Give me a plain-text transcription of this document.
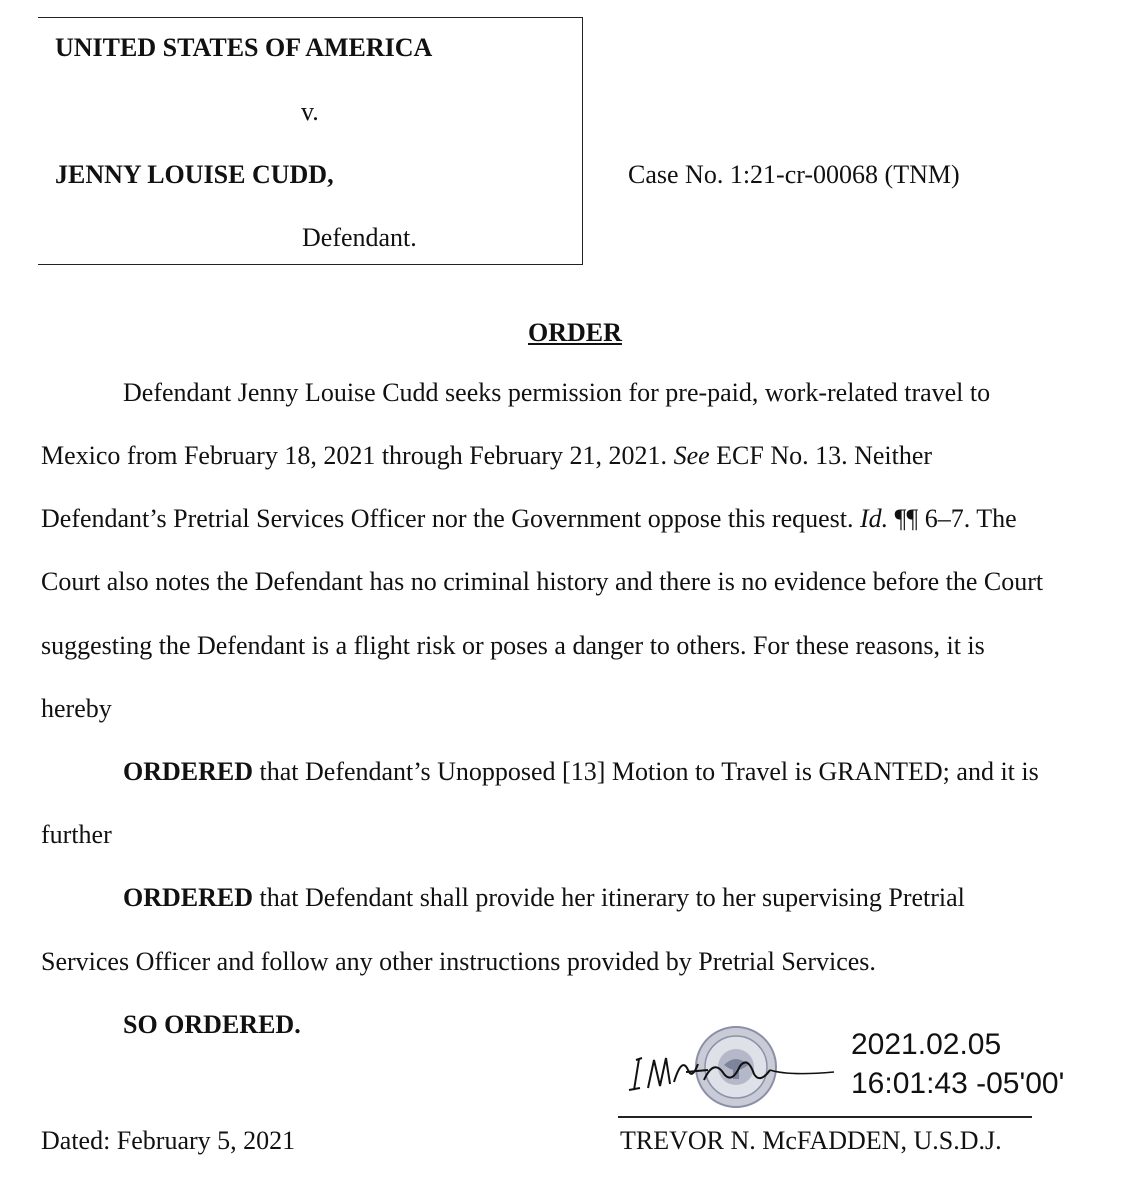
UNITED STATES OF AMERICA
v.
JENNY LOUISE CUDD,
Defendant.
Case No. 1:21-cr-00068 (TNM)
ORDER
Defendant Jenny Louise Cudd seeks permission for pre-paid, work-related travel to
Mexico from February 18, 2021 through February 21, 2021. See ECF No. 13. Neither
Defendant’s Pretrial Services Officer nor the Government oppose this request. Id. ¶¶ 6–7. The
Court also notes the Defendant has no criminal history and there is no evidence before the Court
suggesting the Defendant is a flight risk or poses a danger to others. For these reasons, it is
hereby
ORDERED that Defendant’s Unopposed [13] Motion to Travel is GRANTED; and it is
further
ORDERED that Defendant shall provide her itinerary to her supervising Pretrial
Services Officer and follow any other instructions provided by Pretrial Services.
SO ORDERED.
2021.02.05
16:01:43 -05'00'
TREVOR N. McFADDEN, U.S.D.J.
Dated: February 5, 2021
